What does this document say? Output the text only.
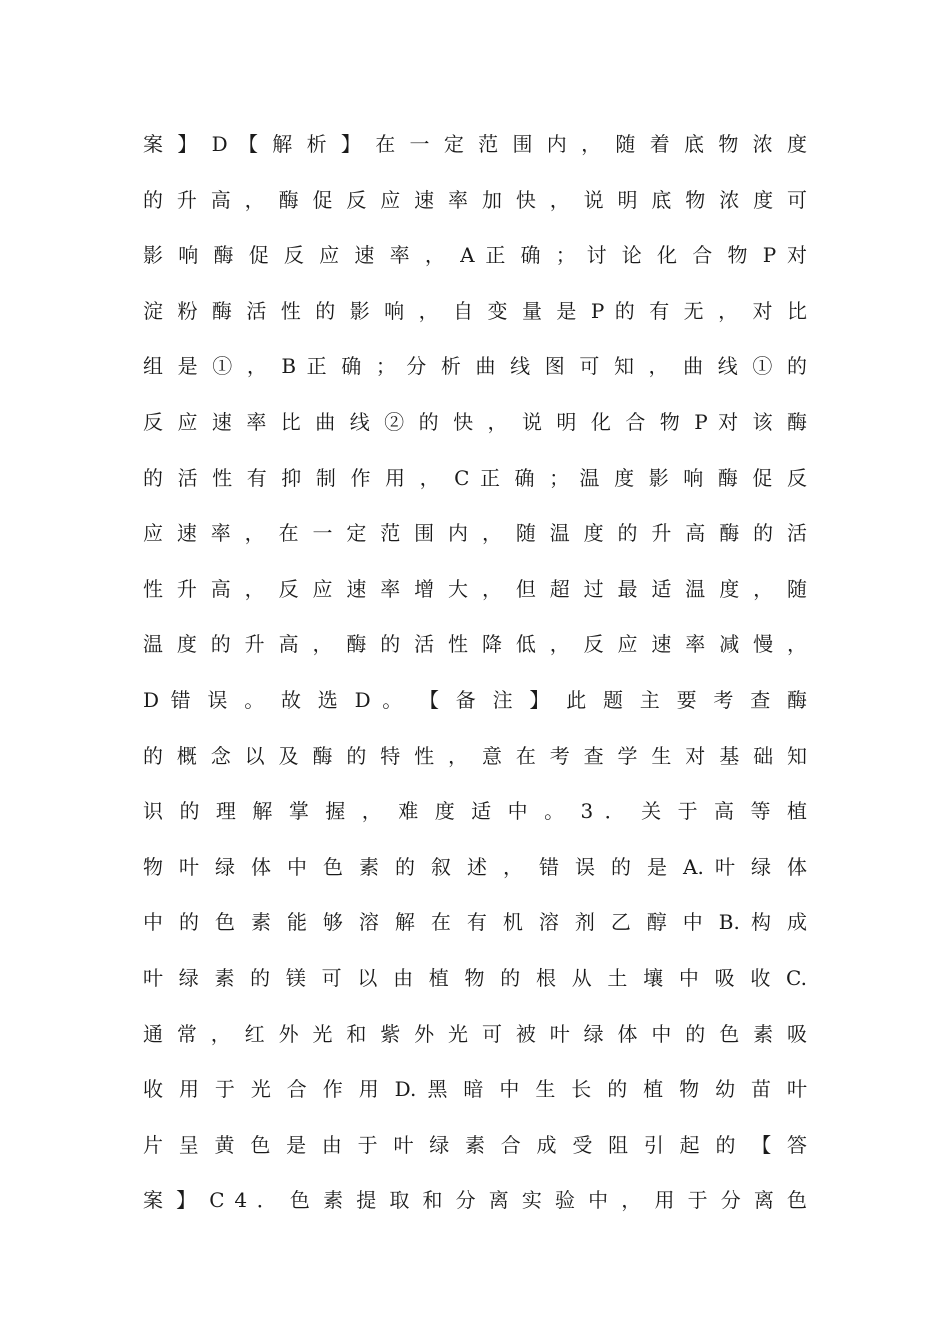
案 】 D 【 解 析 】 在 一 定 范 围 内 ， 随 着 底 物 浓 度
的 升 高 ， 酶 促 反 应 速 率 加 快 ， 说 明 底 物 浓 度 可
影 响 酶 促 反 应 速 率 ， A 正 确 ； 讨 论 化 合 物 P 对
淀 粉 酶 活 性 的 影 响 ， 自 变 量 是 P 的 有 无 ， 对 比
组 是 ① ， B 正 确 ； 分 析 曲 线 图 可 知 ， 曲 线 ① 的
反 应 速 率 比 曲 线 ② 的 快 ， 说 明 化 合 物 P 对 该 酶
的 活 性 有 抑 制 作 用 ， C 正 确 ； 温 度 影 响 酶 促 反
应 速 率 ， 在 一 定 范 围 内 ， 随 温 度 的 升 高 酶 的 活
性 升 高 ， 反 应 速 率 增 大 ， 但 超 过 最 适 温 度 ， 随
温 度 的 升 高 ， 酶 的 活 性 降 低 ， 反 应 速 率 减 慢 ，
D 错 误 。 故 选 D 。 【 备 注 】 此 题 主 要 考 查 酶
的 概 念 以 及 酶 的 特 性 ， 意 在 考 查 学 生 对 基 础 知
识 的 理 解 掌 握 ， 难 度 适 中 。 3 ． 关 于 高 等 植
物 叶 绿 体 中 色 素 的 叙 述 ， 错 误 的 是 A. 叶 绿 体
中 的 色 素 能 够 溶 解 在 有 机 溶 剂 乙 醇 中 B. 构 成
叶 绿 素 的 镁 可 以 由 植 物 的 根 从 土 壤 中 吸 收 C.
通 常 ， 红 外 光 和 紫 外 光 可 被 叶 绿 体 中 的 色 素 吸
收 用 于 光 合 作 用 D. 黑 暗 中 生 长 的 植 物 幼 苗 叶
片 呈 黄 色 是 由 于 叶 绿 素 合 成 受 阻 引 起 的 【 答
案 】 C 4 ． 色 素 提 取 和 分 离 实 验 中 ， 用 于 分 离 色
